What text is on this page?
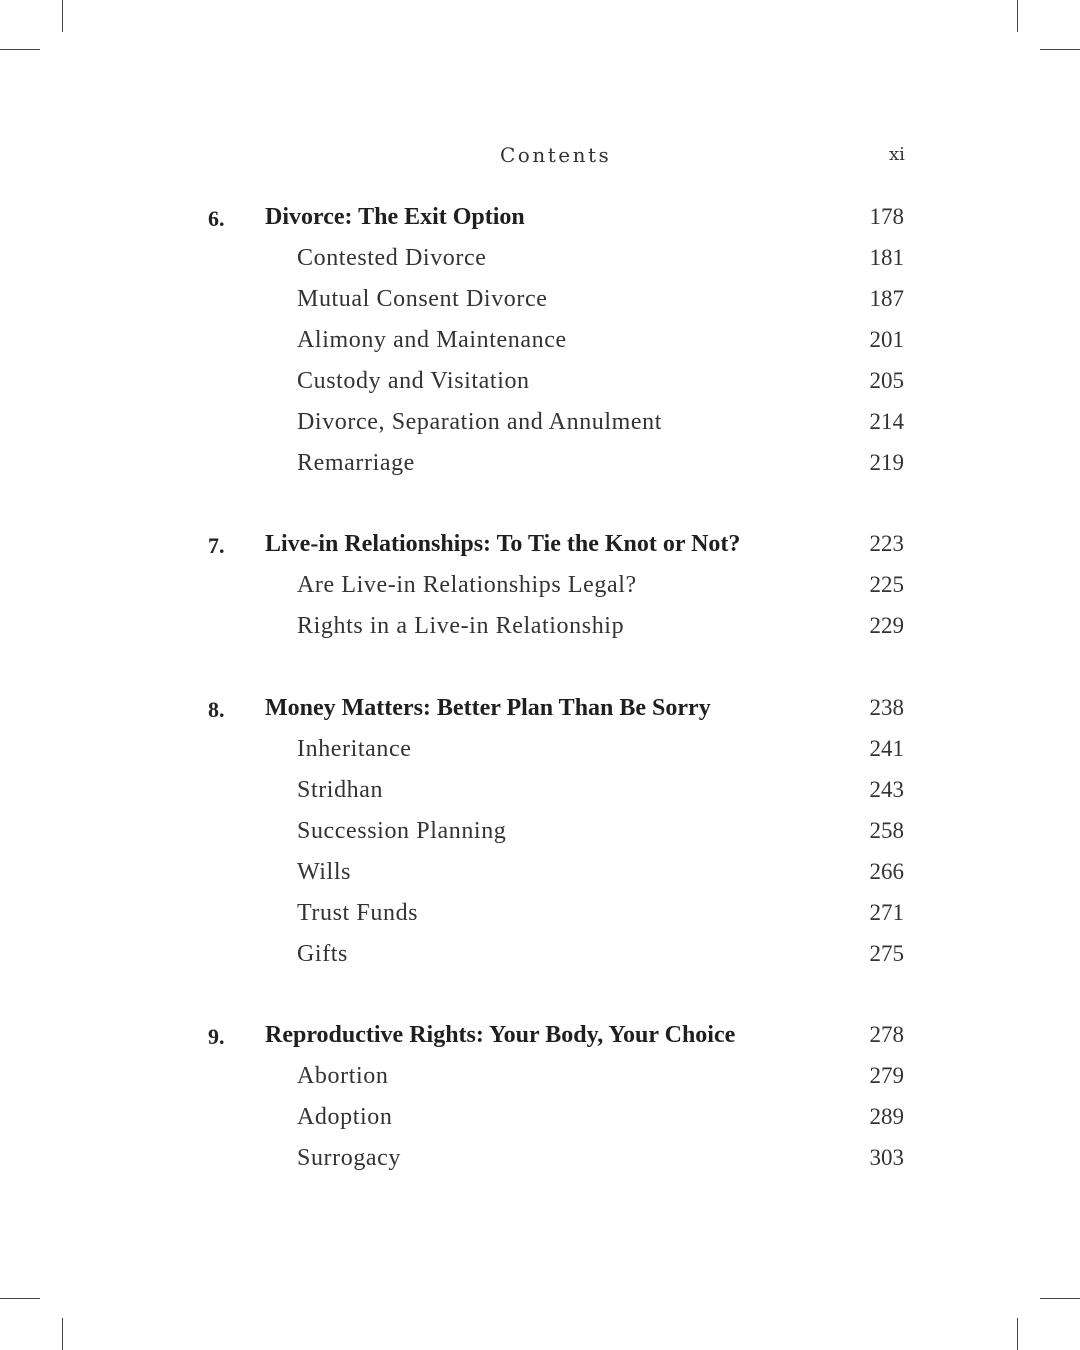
Contents	xi
6. Divorce: The Exit Option	178
Contested Divorce	181
Mutual Consent Divorce	187
Alimony and Maintenance	201
Custody and Visitation	205
Divorce, Separation and Annulment	214
Remarriage	219
7. Live-in Relationships: To Tie the Knot or Not?	223
Are Live-in Relationships Legal?	225
Rights in a Live-in Relationship	229
8. Money Matters: Better Plan Than Be Sorry	238
Inheritance	241
Stridhan	243
Succession Planning	258
Wills	266
Trust Funds	271
Gifts	275
9. Reproductive Rights: Your Body, Your Choice	278
Abortion	279
Adoption	289
Surrogacy	303
